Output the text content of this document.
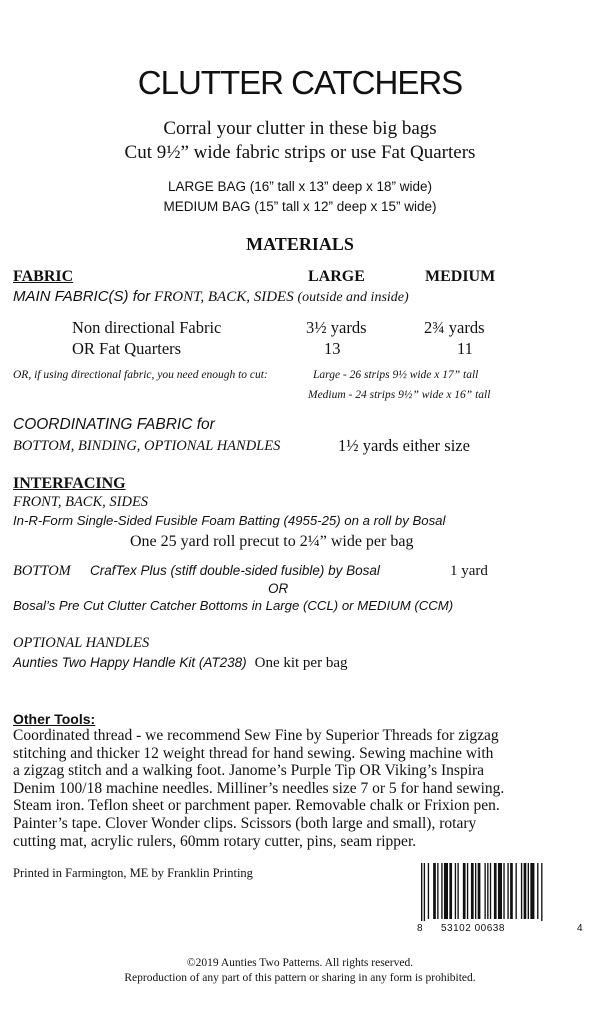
CLUTTER CATCHERS
Corral your clutter in these big bags
Cut 9½” wide fabric strips or use Fat Quarters
LARGE BAG (16” tall x 13” deep x 18” wide)
MEDIUM BAG (15” tall x 12” deep x 15” wide)
MATERIALS
FABRIC	LARGE	MEDIUM
MAIN FABRIC(S) for FRONT, BACK, SIDES (outside and inside)
Non directional Fabric	3½ yards	2¾ yards
OR Fat Quarters	13	11
OR, if using directional fabric, you need enough to cut:	Large - 26 strips 9½ wide x 17” tall
Medium - 24 strips 9½” wide x 16” tall
COORDINATING FABRIC for
BOTTOM, BINDING, OPTIONAL HANDLES	1½ yards either size
INTERFACING
FRONT, BACK, SIDES
In-R-Form Single-Sided Fusible Foam Batting (4955-25) on a roll by Bosal
One 25 yard roll precut to 2¼” wide per bag
BOTTOM CrafTex Plus (stiff double-sided fusible) by Bosal	1 yard
OR
Bosal’s Pre Cut Clutter Catcher Bottoms in Large (CCL) or MEDIUM (CCM)
OPTIONAL HANDLES
Aunties Two Happy Handle Kit (AT238) One kit per bag
Other Tools:
Coordinated thread - we recommend Sew Fine by Superior Threads for zigzag
stitching and thicker 12 weight thread for hand sewing. Sewing machine with
a zigzag stitch and a walking foot. Janome’s Purple Tip OR Viking’s Inspira
Denim 100/18 machine needles. Milliner’s needles size 7 or 5 for hand sewing.
Steam iron. Teflon sheet or parchment paper. Removable chalk or Frixion pen.
Painter’s tape. Clover Wonder clips. Scissors (both large and small), rotary
cutting mat, acrylic rulers, 60mm rotary cutter, pins, seam ripper.
Printed in Farmington, ME by Franklin Printing
8 53102 00638	4
©2019 Aunties Two Patterns. All rights reserved.
Reproduction of any part of this pattern or sharing in any form is prohibited.
